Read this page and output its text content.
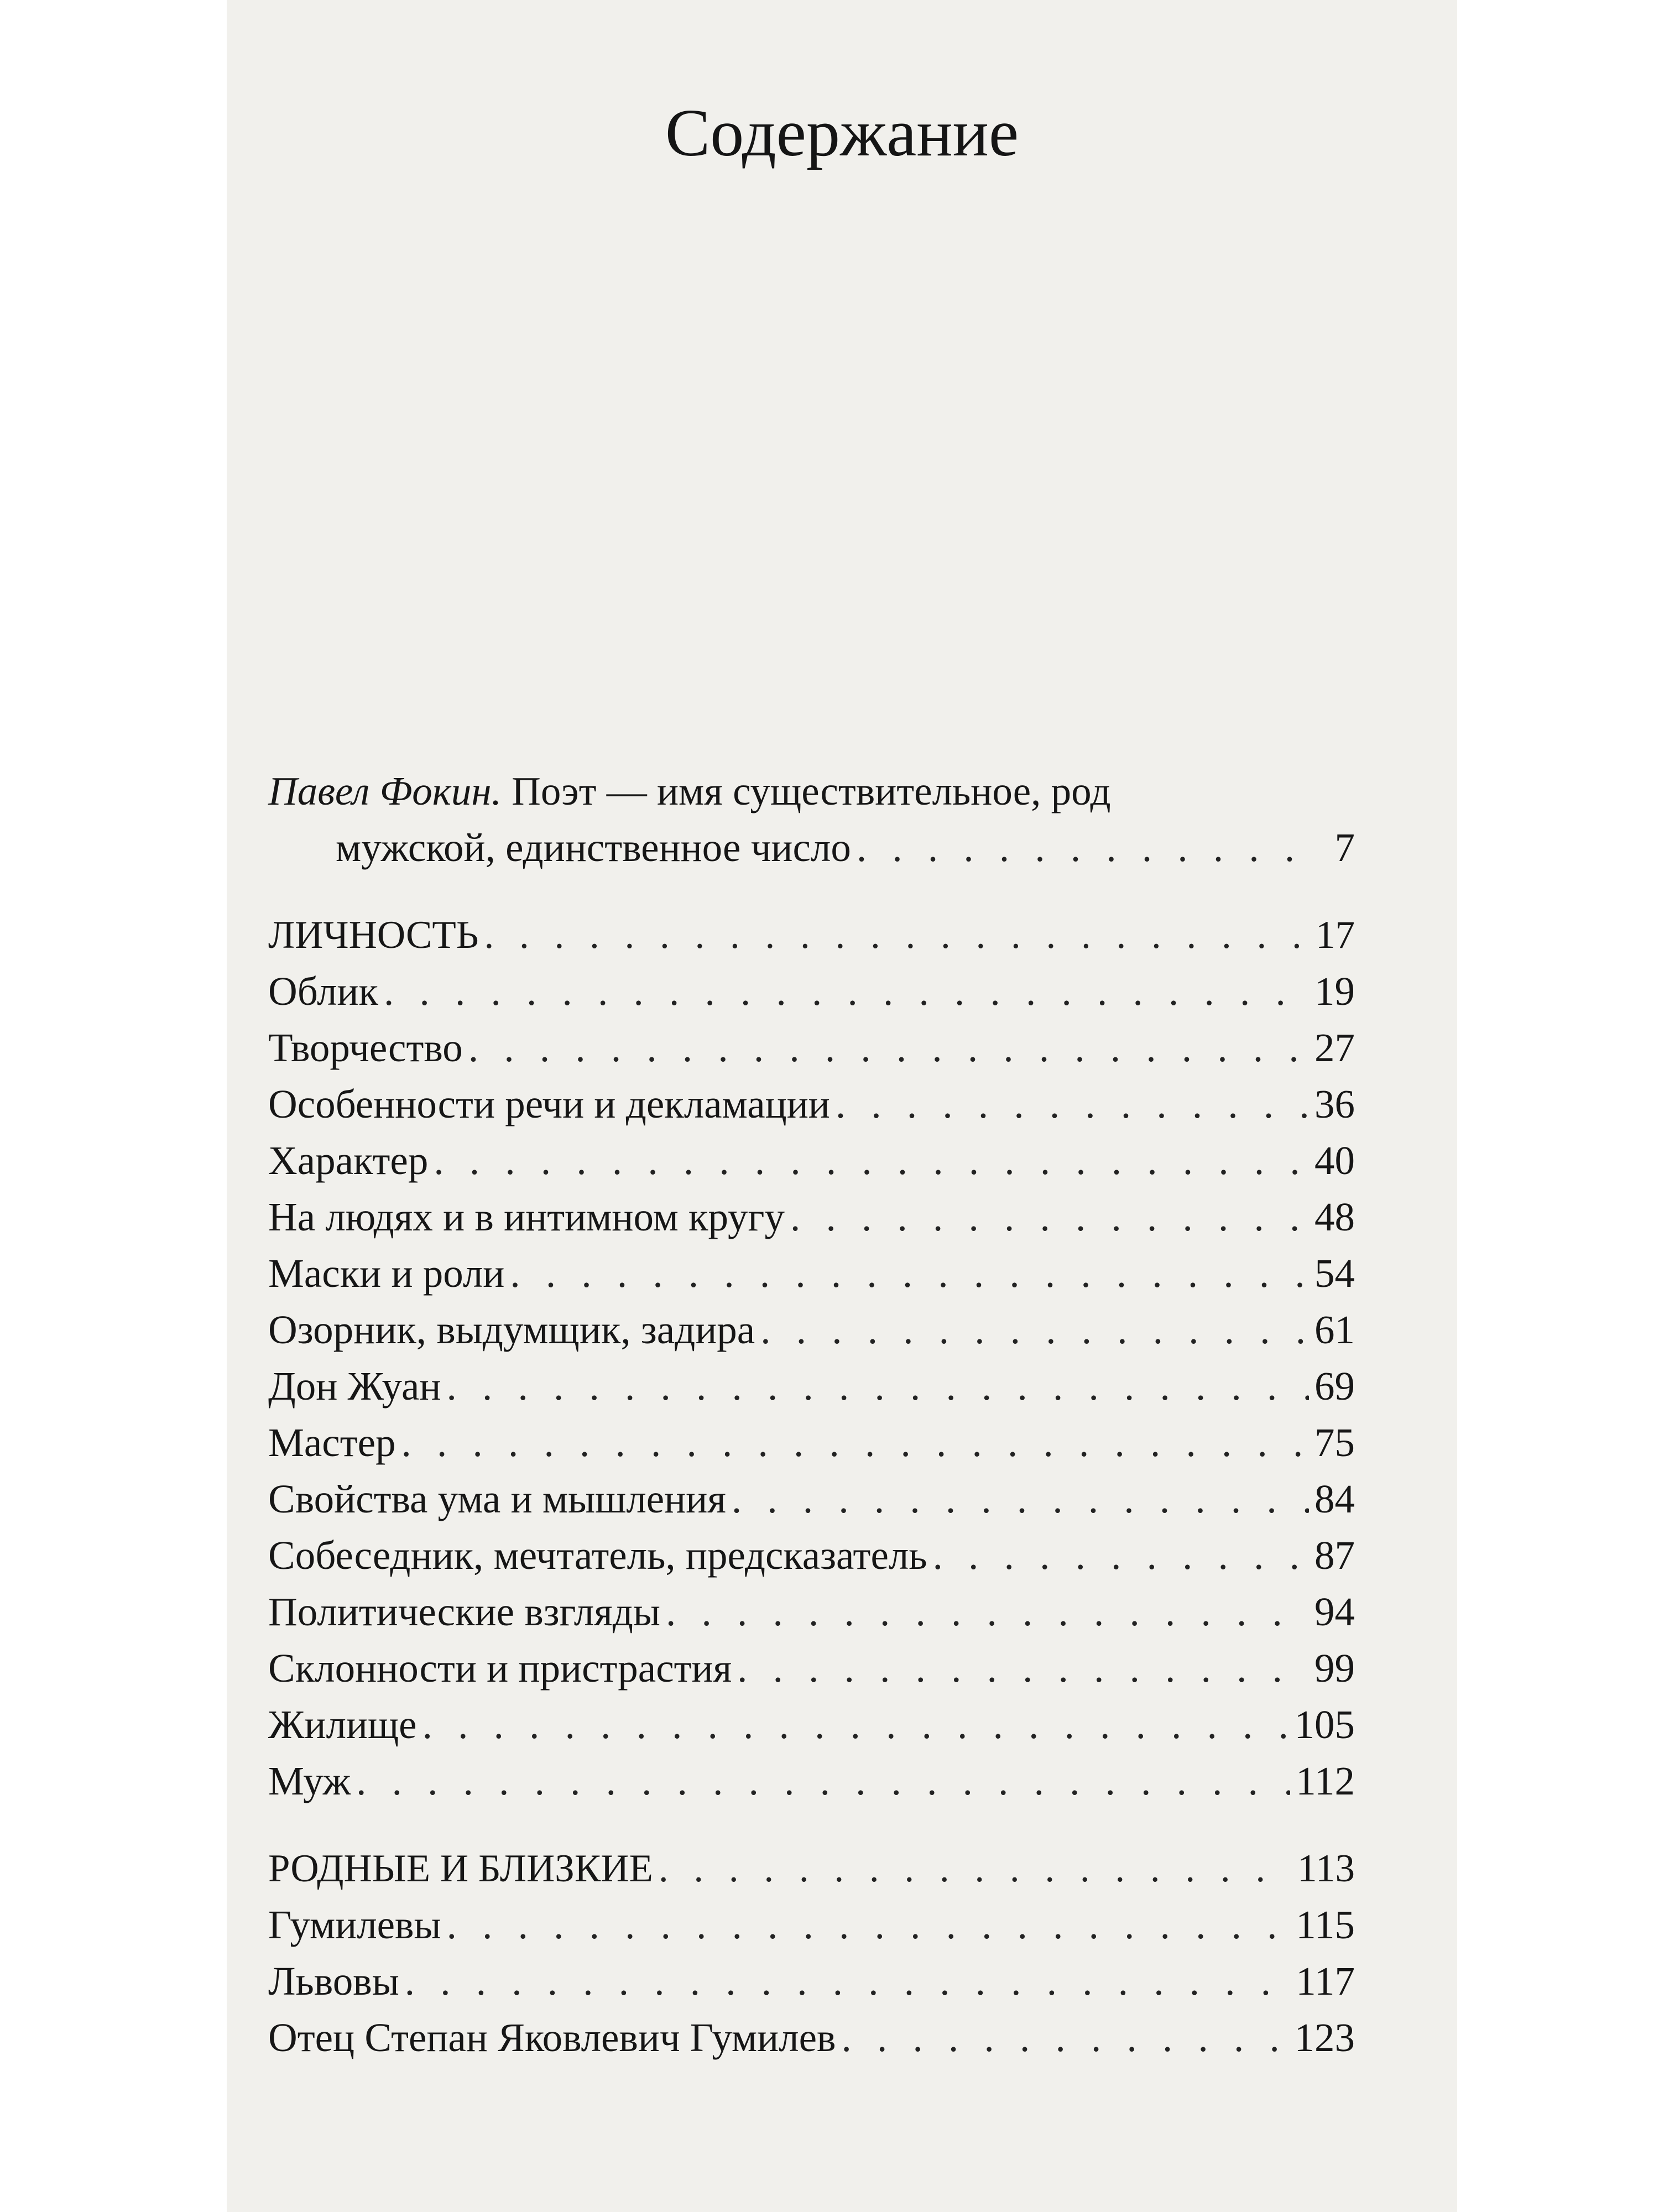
Содержание
Павел Фокин.
Поэт — имя существительное, род
мужской, единственное число . . .	7
ЛИЧНОСТЬ . . .	17
Облик . . .	19
Творчество . . .	27
Особенности речи и декламации . . .	36
Характер . . .	40
На людях и в интимном кругу . . .	48
Маски и роли . . .	54
Озорник, выдумщик, задира . . .	61
Дон Жуан . . .	69
Мастер . . .	75
Свойства ума и мышления . . .	84
Собеседник, мечтатель, предсказатель . . .	87
Политические взгляды . . .	94
Склонности и пристрастия . . .	99
Жилище . . .	105
Муж . . .	112
РОДНЫЕ И БЛИЗКИЕ . . .	113
Гумилевы . . .	115
Львовы . . .	117
Отец Степан Яковлевич Гумилев . . .	123
